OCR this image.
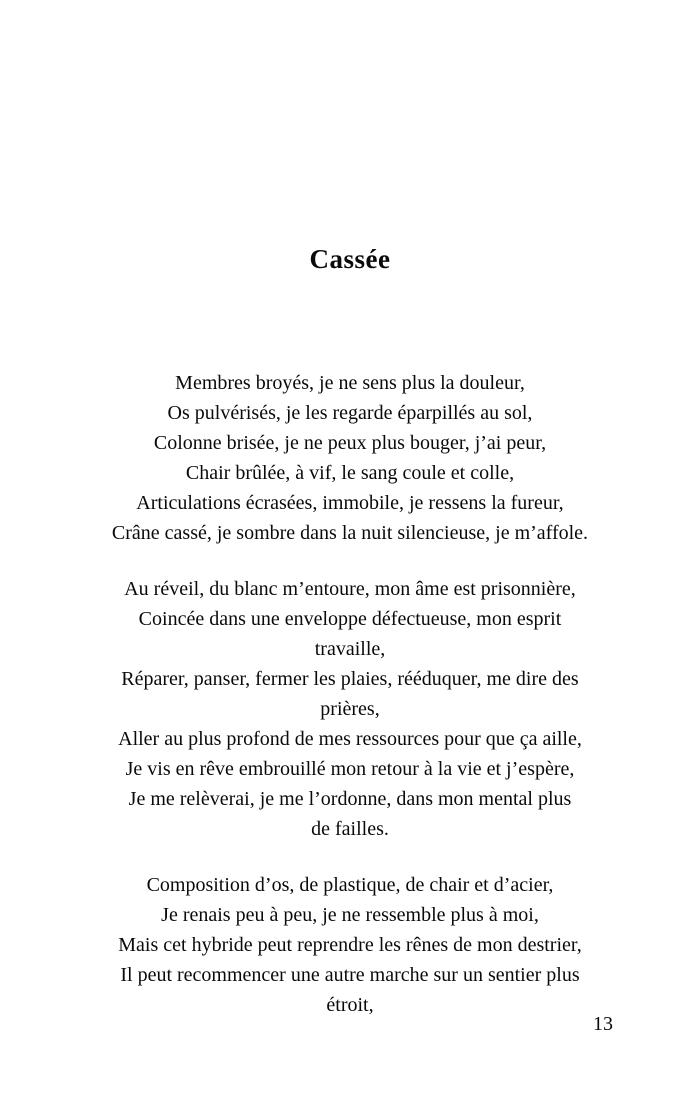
Cassée
Membres broyés, je ne sens plus la douleur,
Os pulvérisés, je les regarde éparpillés au sol,
Colonne brisée, je ne peux plus bouger, j’ai peur,
Chair brûlée, à vif, le sang coule et colle,
Articulations écrasées, immobile, je ressens la fureur,
Crâne cassé, je sombre dans la nuit silencieuse, je m’affole.
Au réveil, du blanc m’entoure, mon âme est prisonnière,
Coincée dans une enveloppe défectueuse, mon esprit
travaille,
Réparer, panser, fermer les plaies, rééduquer, me dire des
prières,
Aller au plus profond de mes ressources pour que ça aille,
Je vis en rêve embrouillé mon retour à la vie et j’espère,
Je me relèverai, je me l’ordonne, dans mon mental plus
de failles.
Composition d’os, de plastique, de chair et d’acier,
Je renais peu à peu, je ne ressemble plus à moi,
Mais cet hybride peut reprendre les rênes de mon destrier,
Il peut recommencer une autre marche sur un sentier plus
étroit,
13
